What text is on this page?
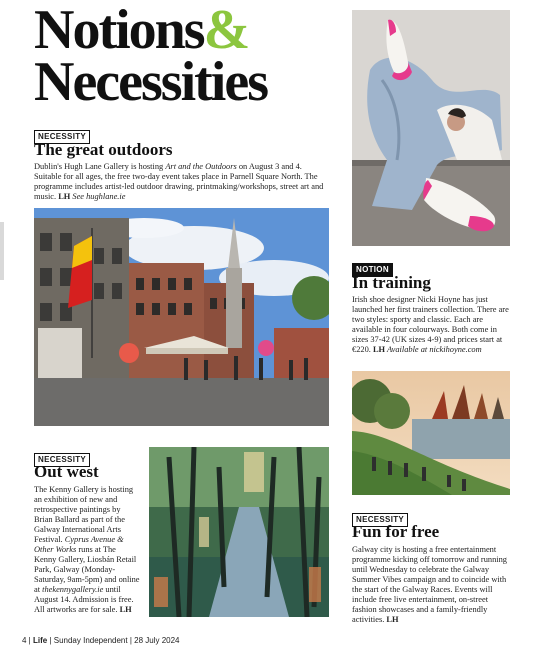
Notions&
Necessities
NECESSITY
The great outdoors
Dublin's Hugh Lane Gallery is hosting Art and the Outdoors on August 3 and 4. Suitable for all ages, the free two-day event takes place in Parnell Square North. The programme includes artist-led outdoor drawing, printmaking/workshops, street art and music. LH See hughlane.ie
NOTION
In training
Irish shoe designer Nicki Hoyne has just launched her first trainers collection. There are two styles: sporty and classic. Each are available in four colourways. Both come in sizes 37-42 (UK sizes 4-9) and prices start at €220. LH Available at nickihoyne.com
NECESSITY
Out west
The Kenny Gallery is hosting an exhibition of new and retrospective paintings by Brian Ballard as part of the Galway International Arts Festival. Cyprus Avenue & Other Works runs at The Kenny Gallery, Liosbán Retail Park, Galway (Monday-Saturday, 9am-5pm) and online at thekennygallery.ie until August 14. Admission is free. All artworks are for sale. LH
NECESSITY
Fun for free
Galway city is hosting a free entertainment programme kicking off tomorrow and running until Wednesday to celebrate the Galway Summer Vibes campaign and to coincide with the start of the Galway Races. Events will include free live entertainment, on-street fashion showcases and a family-friendly activities. LH
4 | Life | Sunday Independent | 28 July 2024
